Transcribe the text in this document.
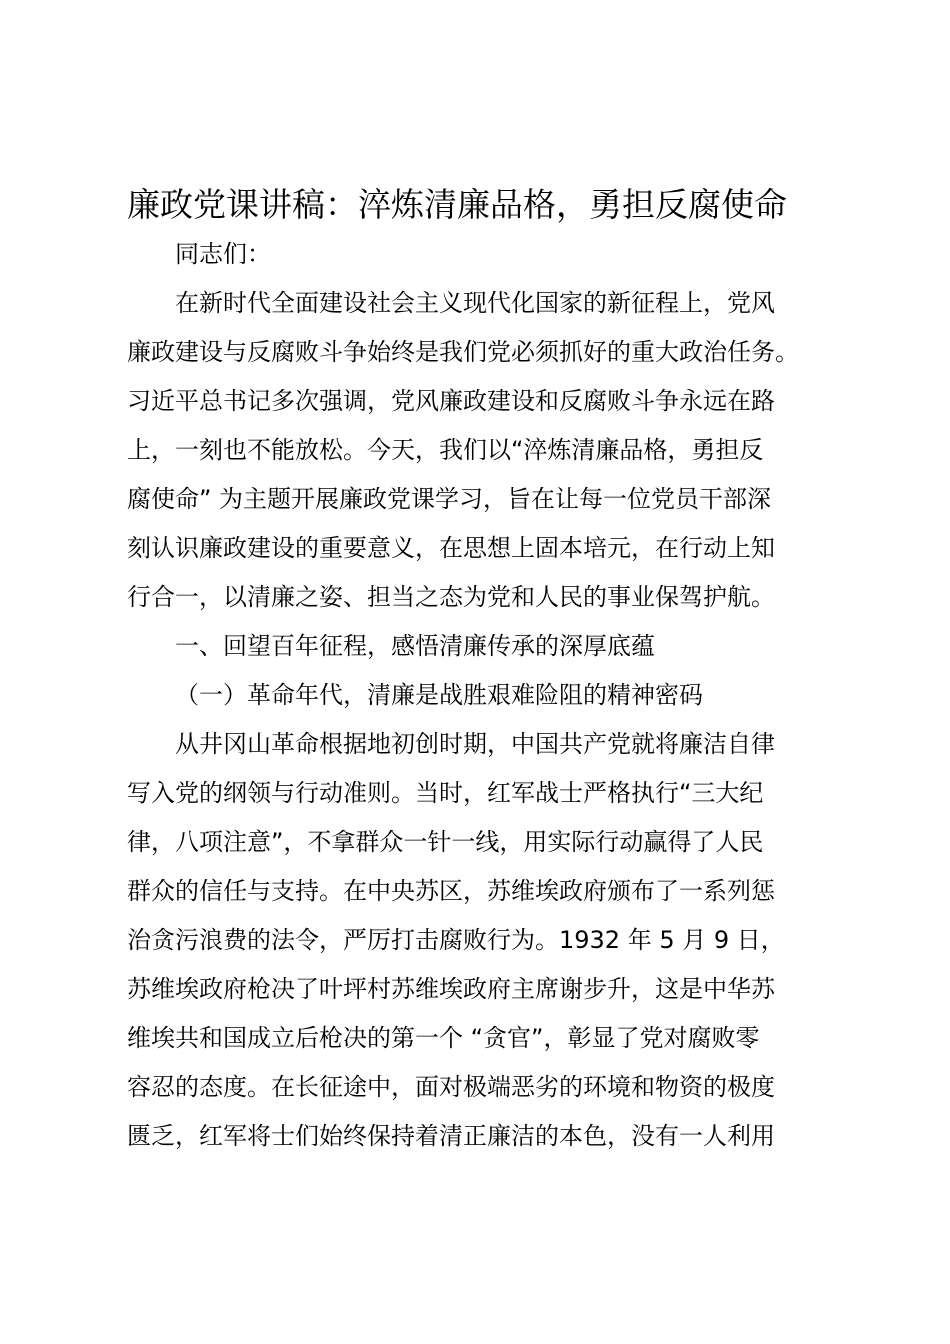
廉政党课讲稿：淬炼清廉品格，勇担反腐使命

同志们：

在新时代全面建设社会主义现代化国家的新征程上，党风
廉政建设与反腐败斗争始终是我们党必须抓好的重大政治任务。
习近平总书记多次强调，党风廉政建设和反腐败斗争永远在路
上，一刻也不能放松。今天，我们以“淬炼清廉品格，勇担反
腐使命” 为主题开展廉政党课学习，旨在让每一位党员干部深
刻认识廉政建设的重要意义，在思想上固本培元，在行动上知
行合一，以清廉之姿、担当之态为党和人民的事业保驾护航。

一、回望百年征程，感悟清廉传承的深厚底蕴

（一）革命年代，清廉是战胜艰难险阻的精神密码

从井冈山革命根据地初创时期，中国共产党就将廉洁自律
写入党的纲领与行动准则。当时，红军战士严格执行“三大纪
律，八项注意”，不拿群众一针一线，用实际行动赢得了人民
群众的信任与支持。在中央苏区，苏维埃政府颁布了一系列惩
治贪污浪费的法令，严厉打击腐败行为。1932 年 5 月 9 日，
苏维埃政府枪决了叶坪村苏维埃政府主席谢步升，这是中华苏
维埃共和国成立后枪决的第一个 “贪官”，彰显了党对腐败零
容忍的态度。在长征途中，面对极端恶劣的环境和物资的极度
匮乏，红军将士们始终保持着清正廉洁的本色，没有一人利用
